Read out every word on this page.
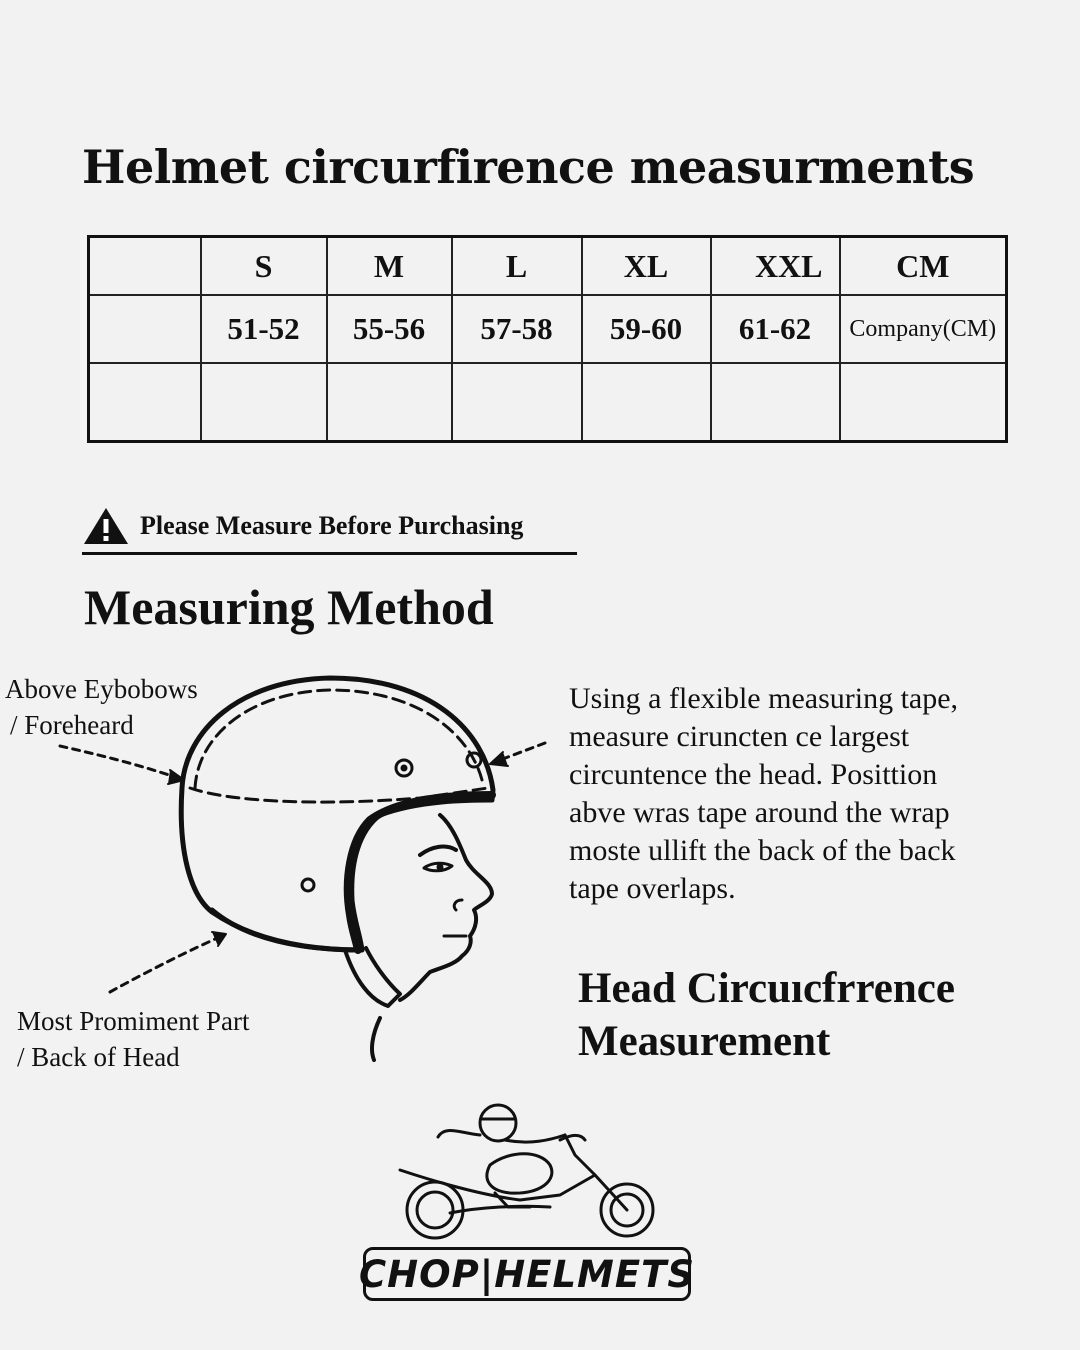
Helmet circurfirence measurments
	S	M	L	XL	XXL	CM
	51-52	55-56	57-58	59-60	61-62	Company(CM)

Please Measure Before Purchasing
Measuring Method
Above Eybobows
/ Foreheard
Most Promiment Part
/ Back of Head
Using a flexible measuring tape,
measure ciruncten ce largest
circuntence the head. Posittion
abve wras tape around the wrap
moste ullift the back of the back
tape overlaps.
Head Circuıcfrrence
Measurement
CHOP|HELMETS
